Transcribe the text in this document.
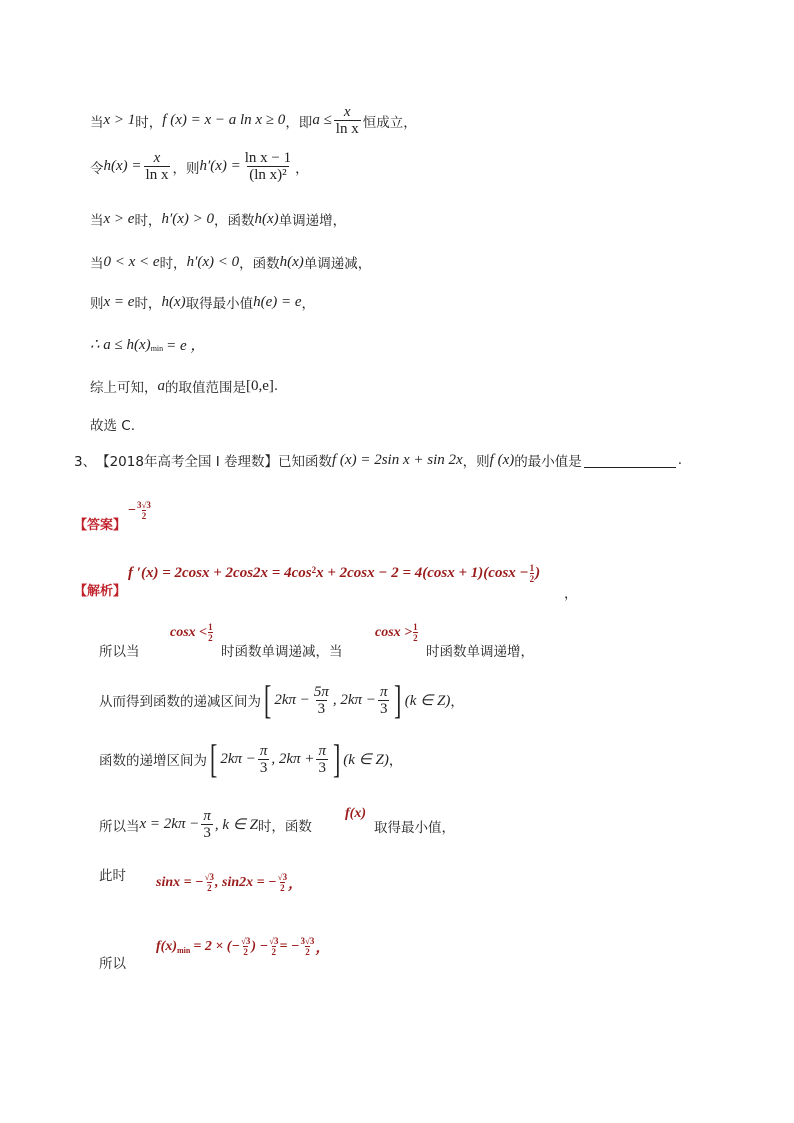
当 x > 1 时， f (x) = x − a ln x ≥ 0 ，即 $a \le \frac{x}{\text{ln x}}$ 恒成立，
令 $h(x) = \frac{x}{\text{ln x}}$ ，则 $h'(x) = \frac{\text{ln x − 1}}{\text{(ln x)²}}$ ，
当 x > e 时， h′(x) > 0 ，函数 h(x) 单调递增，
当 0 < x < e 时， h′(x) < 0 ，函数 h(x) 单调递减，
则 x = e 时， h(x) 取得最小值 h(e) = e ，
∴ $a \le h(x)_{min} = e$ ，
综上可知， a 的取值范围是 [0,e] .
故选 C.
3、 【2018年高考全国 I 卷理数】 已知函数 f (x) = 2sin x + sin 2x ，则 f (x) 的最小值是	.
【答案】
− $\frac{3√3}{2}$
【解析】
f $'(x) = 2\cos x + 2\cos 2x = 4\cos^2$ $x + 2\cos x - 2 = 4(\cos x + 1)(\cos x - \frac{1}{2}$ )
，
所以当
$\cos x < \frac{1}{2}$
时函数单调递减，当
$\cos x > \frac{1}{2}$
时函数单调递增，
从而得到函数的递减区间为 [ $2k\pi - \frac{5\pi}{3}$ , $2k\pi - \frac{\pi}{3}$ ] (k ∈ Z) ，
函数的递增区间为 [ $2k\pi - \frac{\pi}{3}$ , $2k\pi + \frac{\pi}{3}$ ] (k ∈ Z) ，
所以当 $x = 2k\pi - \frac{\pi}{3}$ , k ∈ Z 时，函数
f(x)
取得最小值，
此时 sinx = − $\frac{√3}{2}$ , sin2x = − $\frac{√3}{2}$ ，
所以
$f(x)_{min} = 2$ × (− $\frac{√3}{2}$ ) − $\frac{√3}{2}$ = − $\frac{3√3}{2}$ ，
